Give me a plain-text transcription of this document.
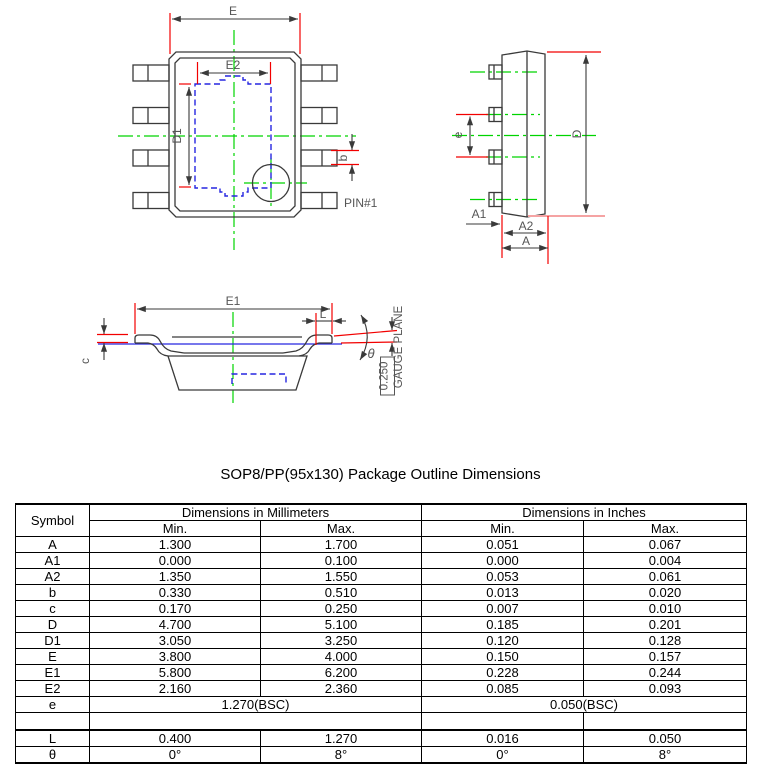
E
E2
D1
b
PIN#1
e	D
A1
A2
A
E1
L
c	θ
0.250 GAUGE PLANE
SOP8/PP(95x130) Package Outline Dimensions
Symbol	Dimensions in Millimeters		Dimensions in Inches	
	Min.	Max.	Min.	Max.
A	1.300	1.700	0.051	0.067
A1	0.000	0.100	0.000	0.004
A2	1.350	1.550	0.053	0.061
b	0.330	0.510	0.013	0.020
c	0.170	0.250	0.007	0.010
D	4.700	5.100	0.185	0.201
D1	3.050	3.250	0.120	0.128
E	3.800	4.000	0.150	0.157
E1	5.800	6.200	0.228	0.244
E2	2.160	2.360	0.085	0.093
e	1.270(BSC)		0.050(BSC)	

L	0.400	1.270	0.016	0.050
θ	0°	8°	0°	8°
